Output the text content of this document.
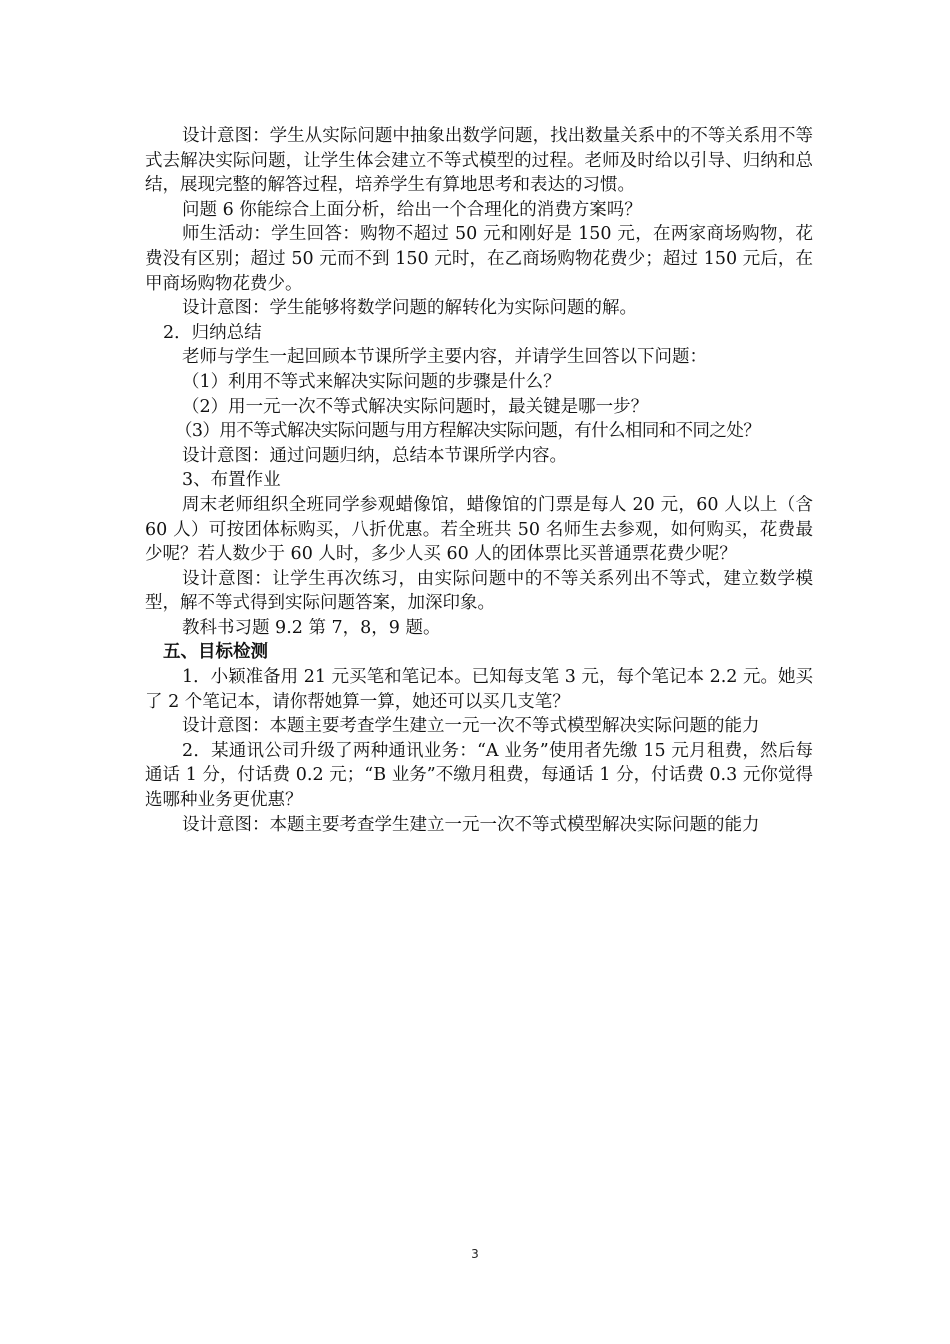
设计意图：学生从实际问题中抽象出数学问题，找出数量关系中的不等关系用不等式去解决实际问题，让学生体会建立不等式模型的过程。老师及时给以引导、归纳和总结，展现完整的解答过程，培养学生有算地思考和表达的习惯。

问题 6 你能综合上面分析，给出一个合理化的消费方案吗？

师生活动：学生回答：购物不超过 50 元和刚好是 150 元，在两家商场购物，花费没有区别；超过 50 元而不到 150 元时，在乙商场购物花费少；超过 150 元后，在甲商场购物花费少。

设计意图：学生能够将数学问题的解转化为实际问题的解。

2．归纳总结

老师与学生一起回顾本节课所学主要内容，并请学生回答以下问题：

（1）利用不等式来解决实际问题的步骤是什么？

（2）用一元一次不等式解决实际问题时，最关键是哪一步？

（3）用不等式解决实际问题与用方程解决实际问题，有什么相同和不同之处？

设计意图：通过问题归纳，总结本节课所学内容。

3、布置作业

周末老师组织全班同学参观蜡像馆，蜡像馆的门票是每人 20 元，60 人以上（含 60 人）可按团体标购买，八折优惠。若全班共 50 名师生去参观，如何购买，花费最少呢？若人数少于 60 人时，多少人买 60 人的团体票比买普通票花费少呢？

设计意图：让学生再次练习，由实际问题中的不等关系列出不等式，建立数学模型，解不等式得到实际问题答案，加深印象。

教科书习题 9.2 第 7，8，9 题。

五、目标检测

1．小颖准备用 21 元买笔和笔记本。已知每支笔 3 元，每个笔记本 2.2 元。她买了 2 个笔记本，请你帮她算一算，她还可以买几支笔？

设计意图：本题主要考查学生建立一元一次不等式模型解决实际问题的能力

2．某通讯公司升级了两种通讯业务：“A 业务”使用者先缴 15 元月租费，然后每通话 1 分，付话费 0.2 元；“B 业务”不缴月租费，每通话 1 分，付话费 0.3 元你觉得选哪种业务更优惠？

设计意图：本题主要考查学生建立一元一次不等式模型解决实际问题的能力

3
